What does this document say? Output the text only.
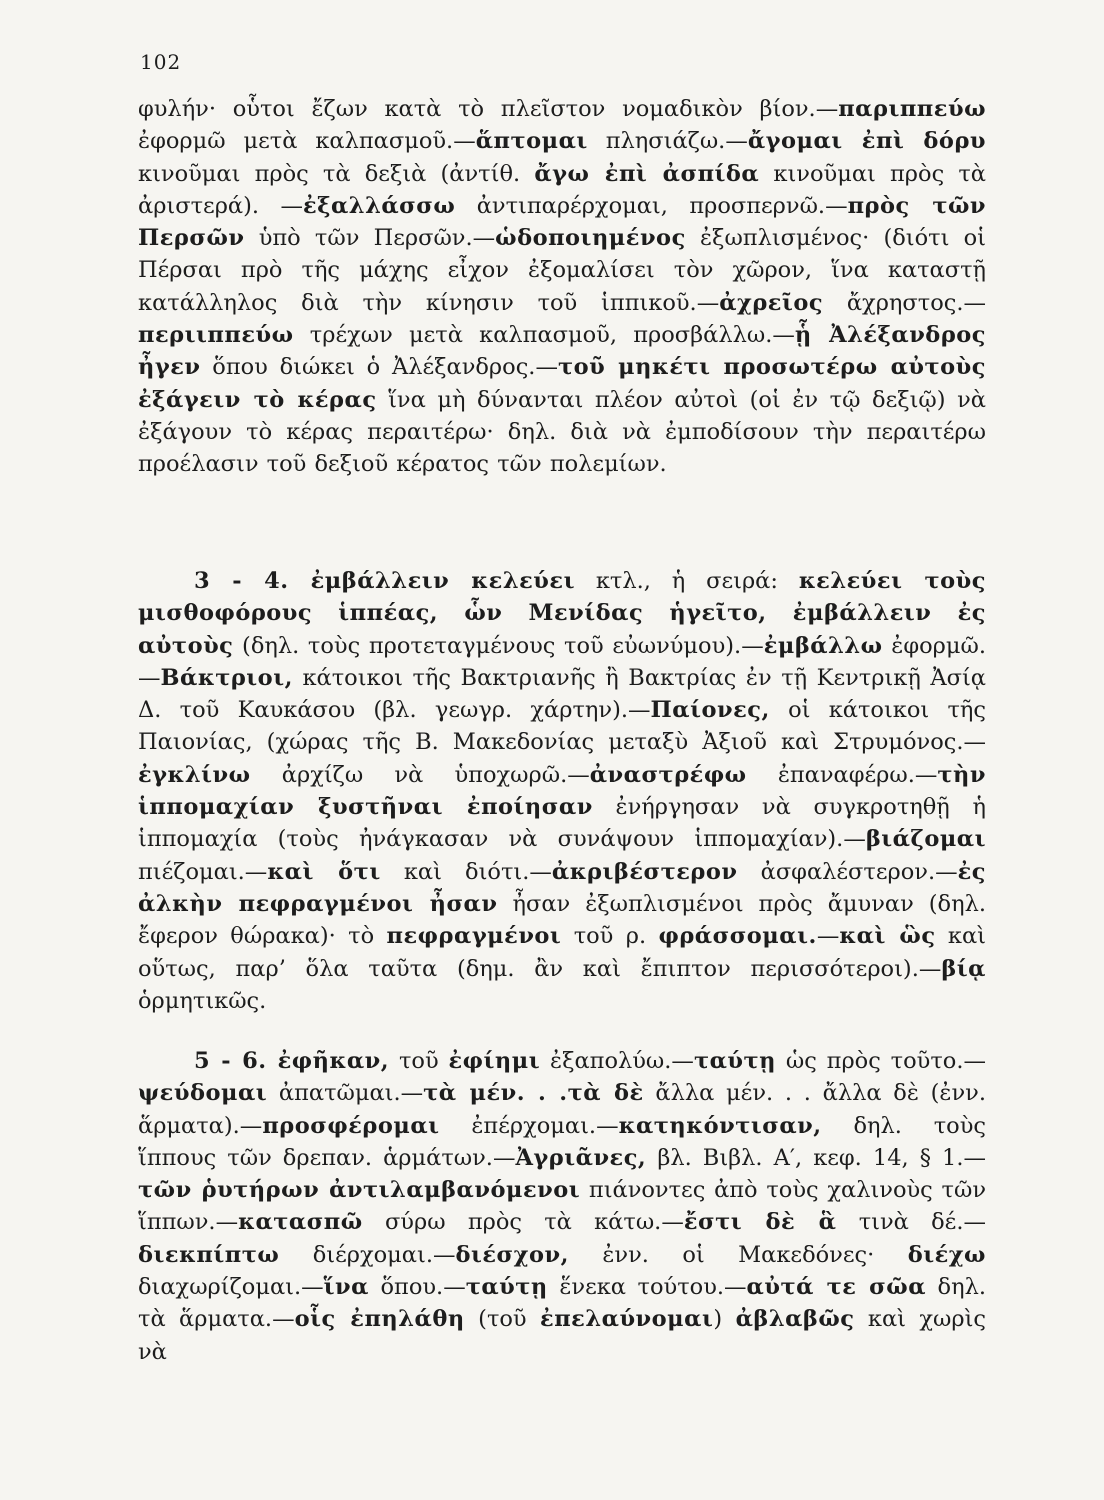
102

φυλήν· οὗτοι ἔζων κατὰ τὸ πλεῖστον νομαδικὸν βίον.—παριππεύω ἐφορμῶ μετὰ καλπασμοῦ.—ἅπτομαι πλησιάζω.—ἄγομαι ἐπὶ δόρυ κινοῦμαι πρὸς τὰ δεξιὰ (ἀντίθ. ἄγω ἐπὶ ἀσπίδα κινοῦμαι πρὸς τὰ ἀριστερά). —ἐξαλλάσσω ἀντιπαρέρχομαι, προσπερνῶ.—πρὸς τῶν Περσῶν ὑπὸ τῶν Περσῶν.—ὡδοποιημένος ἐξωπλισμένος· (διότι οἱ Πέρσαι πρὸ τῆς μάχης εἶχον ἐξομαλίσει τὸν χῶρον, ἵνα καταστῇ κατάλληλος διὰ τὴν κίνησιν τοῦ ἱππικοῦ.—ἀχρεῖος ἄχρηστος.—περιιππεύω τρέχων μετὰ καλπασμοῦ, προσβάλλω.—ᾗ Ἀλέξανδρος ἦγεν ὅπου διώκει ὁ Ἀλέξανδρος.—τοῦ μηκέτι προσωτέρω αὐτοὺς ἐξάγειν τὸ κέρας ἵνα μὴ δύνανται πλέον αὐτοὶ (οἱ ἐν τῷ δεξιῷ) νὰ ἐξάγουν τὸ κέρας περαιτέρω· δηλ. διὰ νὰ ἐμποδίσουν τὴν περαιτέρω προέλασιν τοῦ δεξιοῦ κέρατος τῶν πολεμίων.

3 - 4. ἐμβάλλειν κελεύει κτλ., ἡ σειρά: κελεύει τοὺς μισθοφόρους ἱππέας, ὧν Μενίδας ἡγεῖτο, ἐμβάλλειν ἐς αὐτοὺς (δηλ. τοὺς προτεταγμένους τοῦ εὐωνύμου).—ἐμβάλλω ἐφορμῶ.—Βάκτριοι, κάτοικοι τῆς Βακτριανῆς ἢ Βακτρίας ἐν τῇ Κεντρικῇ Ἀσίᾳ Δ. τοῦ Καυκάσου (βλ. γεωγρ. χάρτην).—Παίονες, οἱ κάτοικοι τῆς Παιονίας, (χώρας τῆς Β. Μακεδονίας μεταξὺ Ἀξιοῦ καὶ Στρυμόνος.—ἐγκλίνω ἀρχίζω νὰ ὑποχωρῶ.—ἀναστρέφω ἐπαναφέρω.—τὴν ἱππομαχίαν ξυστῆναι ἐποίησαν ἐνήργησαν νὰ συγκροτηθῇ ἡ ἱππομαχία (τοὺς ἠνάγκασαν νὰ συνάψουν ἱππομαχίαν).—βιάζομαι πιέζομαι.—καὶ ὅτι καὶ διότι.—ἀκριβέστερον ἀσφαλέστερον.—ἐς ἀλκὴν πεφραγμένοι ἦσαν ἦσαν ἐξωπλισμένοι πρὸς ἄμυναν (δηλ. ἔφερον θώρακα)· τὸ πεφραγμένοι τοῦ ρ. φράσσομαι.—καὶ ὣς καὶ οὕτως, παρ’ ὅλα ταῦτα (δημ. ἂν καὶ ἔπιπτον περισσότεροι).—βίᾳ ὁρμητικῶς.

5 - 6. ἐφῆκαν, τοῦ ἐφίημι ἐξαπολύω.—ταύτῃ ὡς πρὸς τοῦτο.—ψεύδομαι ἀπατῶμαι.—τὰ μέν. . .τὰ δὲ ἄλλα μέν. . . ἄλλα δὲ (ἐνν. ἅρματα).—προσφέρομαι ἐπέρχομαι.—κατηκόντισαν, δηλ. τοὺς ἵππους τῶν δρεπαν. ἁρμάτων.—Ἀγριᾶνες, βλ. Βιβλ. Α′, κεφ. 14, § 1.—τῶν ῥυτήρων ἀντιλαμβανόμενοι πιάνοντες ἀπὸ τοὺς χαλινοὺς τῶν ἵππων.—κατασπῶ σύρω πρὸς τὰ κάτω.—ἔστι δὲ ἃ τινὰ δέ.—διεκπίπτω διέρχομαι.—διέσχον, ἐνν. οἱ Μακεδόνες· διέχω διαχωρίζομαι.—ἵνα ὅπου.—ταύτῃ ἕνεκα τούτου.—αὐτά τε σῶα δηλ. τὰ ἅρματα.—οἷς ἐπηλάθη (τοῦ ἐπελαύνομαι) ἀβλαβῶς καὶ χωρὶς νὰ
